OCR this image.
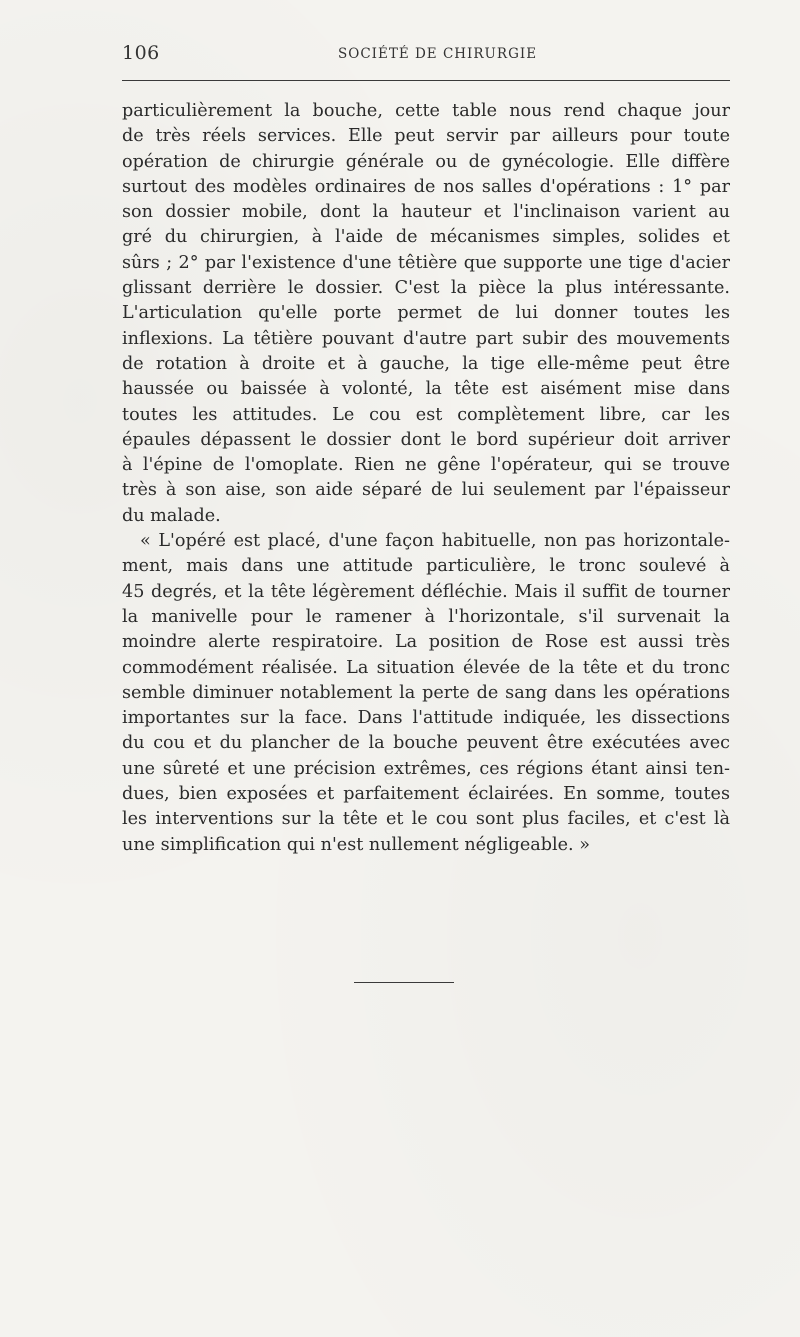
106	SOCIÉTÉ DE CHIRURGIE
particulièrement la bouche, cette table nous rend chaque jour
de très réels services. Elle peut servir par ailleurs pour toute
opération de chirurgie générale ou de gynécologie. Elle diffère
surtout des modèles ordinaires de nos salles d'opérations : 1° par
son dossier mobile, dont la hauteur et l'inclinaison varient au
gré du chirurgien, à l'aide de mécanismes simples, solides et
sûrs ; 2° par l'existence d'une têtière que supporte une tige d'acier
glissant derrière le dossier. C'est la pièce la plus intéressante.
L'articulation qu'elle porte permet de lui donner toutes les
inflexions. La têtière pouvant d'autre part subir des mouvements
de rotation à droite et à gauche, la tige elle-même peut être
haussée ou baissée à volonté, la tête est aisément mise dans
toutes les attitudes. Le cou est complètement libre, car les
épaules dépassent le dossier dont le bord supérieur doit arriver
à l'épine de l'omoplate. Rien ne gêne l'opérateur, qui se trouve
très à son aise, son aide séparé de lui seulement par l'épaisseur
du malade.
« L'opéré est placé, d'une façon habituelle, non pas horizontale-
ment, mais dans une attitude particulière, le tronc soulevé à
45 degrés, et la tête légèrement défléchie. Mais il suffit de tourner
la manivelle pour le ramener à l'horizontale, s'il survenait la
moindre alerte respiratoire. La position de Rose est aussi très
commodément réalisée. La situation élevée de la tête et du tronc
semble diminuer notablement la perte de sang dans les opérations
importantes sur la face. Dans l'attitude indiquée, les dissections
du cou et du plancher de la bouche peuvent être exécutées avec
une sûreté et une précision extrêmes, ces régions étant ainsi ten-
dues, bien exposées et parfaitement éclairées. En somme, toutes
les interventions sur la tête et le cou sont plus faciles, et c'est là
une simplification qui n'est nullement négligeable. »
